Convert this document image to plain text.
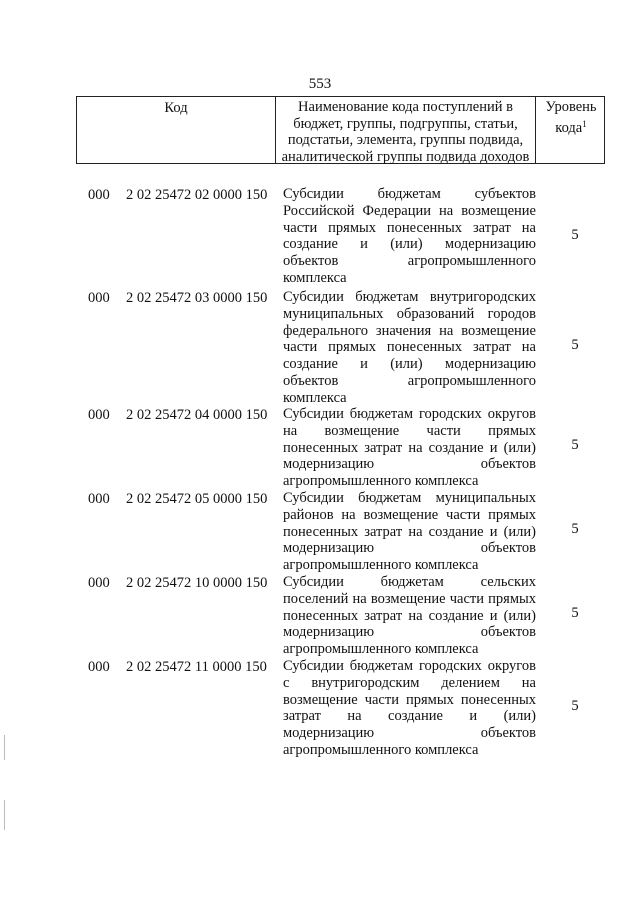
553
Код	Наименование кода поступлений в
бюджет, группы, подгруппы, статьи,
подстатьи, элемента, группы подвида,
аналитической группы подвида доходов
Уровень
кода$^1$
000 2 02 25472 02 0000 150 Субсидии бюджетам субъектов
Российской Федерации на возмещение
части прямых понесенных затрат на
создание и (или) модернизацию
объектов агропромышленного
комплекса
5
000 2 02 25472 03 0000 150 Субсидии бюджетам внутригородских
муниципальных образований городов
федерального значения на возмещение
части прямых понесенных затрат на
создание и (или) модернизацию
объектов агропромышленного
комплекса
5
000 2 02 25472 04 0000 150 Субсидии бюджетам городских округов
на возмещение части прямых
понесенных затрат на создание и (или)
модернизацию объектов
агропромышленного комплекса
5
000 2 02 25472 05 0000 150 Субсидии бюджетам муниципальных
районов на возмещение части прямых
понесенных затрат на создание и (или)
модернизацию объектов
агропромышленного комплекса
5
000 2 02 25472 10 0000 150 Субсидии бюджетам сельских
поселений на возмещение части прямых
понесенных затрат на создание и (или)
модернизацию объектов
агропромышленного комплекса
5
000 2 02 25472 11 0000 150 Субсидии бюджетам городских округов
с внутригородским делением на
возмещение части прямых понесенных
затрат на создание и (или)
модернизацию объектов
агропромышленного комплекса
5
